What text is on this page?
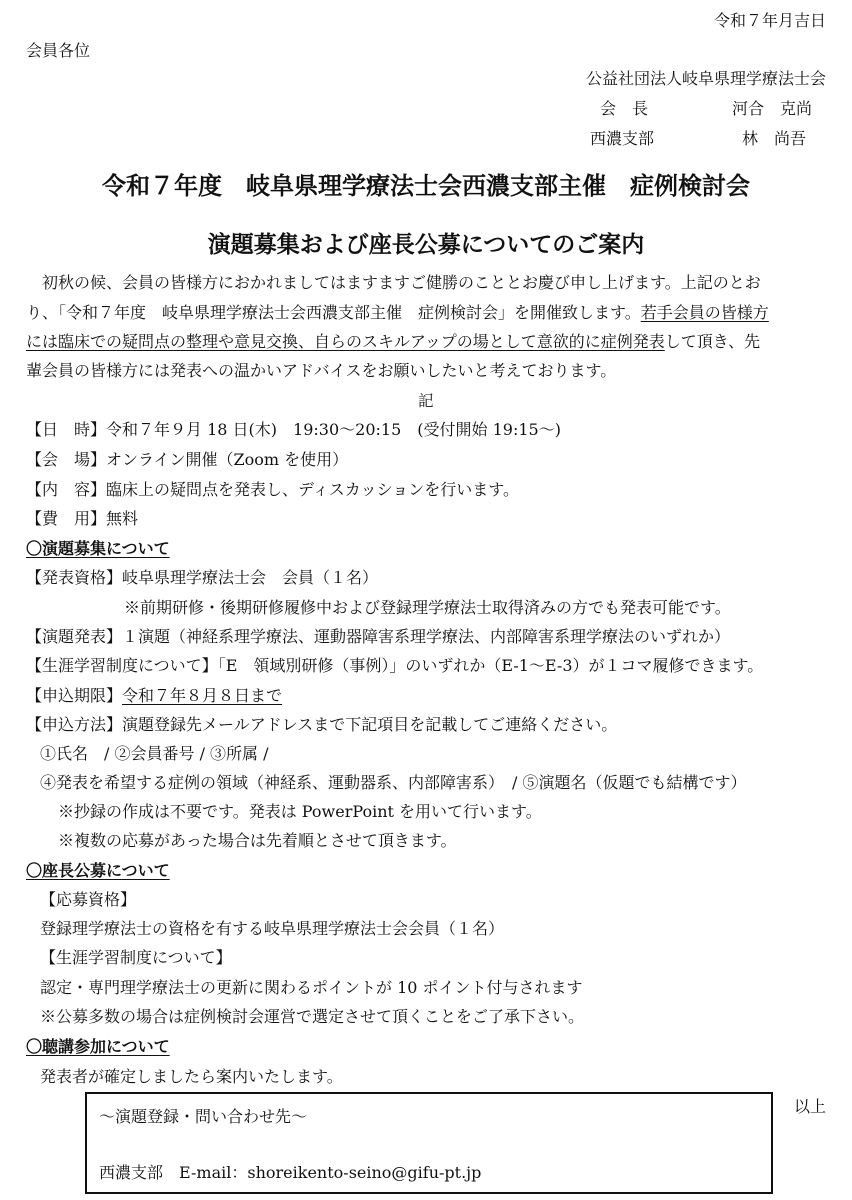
令和７年月吉日
会員各位
公益社団法人岐阜県理学療法士会
会　長	河合　克尚
西濃支部	林　尚吾
令和７年度　岐阜県理学療法士会西濃支部主催　症例検討会
演題募集および座長公募についてのご案内
　初秋の候、会員の皆様方におかれましてはますますご健勝のこととお慶び申し上げます。上記のとお
り、「令和７年度　岐阜県理学療法士会西濃支部主催　症例検討会」を開催致します。若手会員の皆様方
には臨床での疑問点の整理や意見交換、自らのスキルアップの場として意欲的に症例発表して頂き、先
輩会員の皆様方には発表への温かいアドバイスをお願いしたいと考えております。
記
【日　時】令和７年９月 18 日(木)　19:30～20:15　(受付開始 19:15～)
【会　場】オンライン開催（Zoom を使用）
【内　容】臨床上の疑問点を発表し、ディスカッションを行います。
【費　用】無料
〇演題募集について
【発表資格】岐阜県理学療法士会　会員（１名）
※前期研修・後期研修履修中および登録理学療法士取得済みの方でも発表可能です。
【演題発表】１演題（神経系理学療法、運動器障害系理学療法、内部障害系理学療法のいずれか）
【生涯学習制度について】「E　領域別研修（事例）」のいずれか（E-1～E-3）が１コマ履修できます。
【申込期限】令和７年８月８日まで
【申込方法】演題登録先メールアドレスまで下記項目を記載してご連絡ください。
①氏名　/ ②会員番号 / ③所属 /
④発表を希望する症例の領域（神経系、運動器系、内部障害系）　/ ⑤演題名（仮題でも結構です）
※抄録の作成は不要です。発表は PowerPoint を用いて行います。
※複数の応募があった場合は先着順とさせて頂きます。
〇座長公募について
【応募資格】
登録理学療法士の資格を有する岐阜県理学療法士会会員（１名）
【生涯学習制度について】
認定・専門理学療法士の更新に関わるポイントが 10 ポイント付与されます
※公募多数の場合は症例検討会運営で選定させて頂くことをご了承下さい。
〇聴講参加について
発表者が確定しましたら案内いたします。
以上
～演題登録・問い合わせ先～
西濃支部　 E-mail：shoreikento-seino@gifu-pt.jp
